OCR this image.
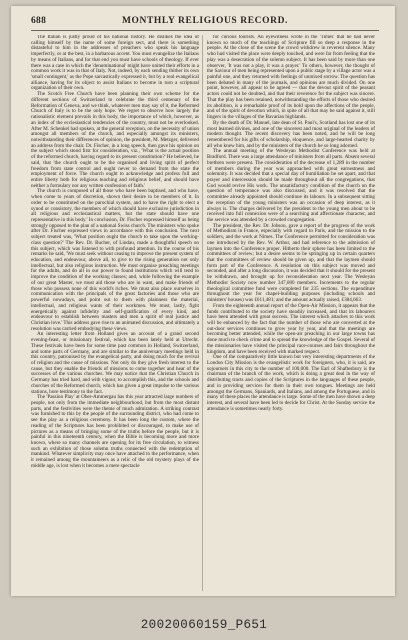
688	MONTHLY RELIGIOUS RECORD.

The Italian is justly proud of his national history. He dislikes the idea of calling himself by the name of some foreign sect, and there is something distasteful to him in the addresses of preachers who speak his language imperfectly, or at the best, in a barbarous accent. You must evangelize the Italians by means of Italians, and for that end you must have schools of theology. If ever there was a case in which the 'denominational' might have united their efforts in a common work it was in that of Italy. Not, indeed, by each sending thither its own 'small contingent,' as the Pope sarcastically expressed it, but by a real evangelical alliance, having for its object to assist Italians to become in turn a scriptural organization of their own.

The Scotch Free Church have been planning their own scheme for the different sections of Switzerland to celebrate the third centenary of the Reformation of Geneva, and we think, whatever men may say of it, the Reformed Church of Italy is to be the only hope. We regret to observe how largely the rationalistic element prevails in this body, the importance of which, however, as an index of the ecclesiastical tendencies of the country, must not be overlooked. After M. Schenkel had spoken, at the general reception, on the necessity of union amongst all members of the church, and especially amongst its ministers, notwithstanding their differences of opinion, the president, M. Metzger, delivered an address from the chair. Dr. Fischer, in a long speech, then gave his opinion on the subject which stood first for consideration, viz., 'What is the actual position of the reformed church, having regard to its present constitution?' He believed, he said, that 'the church ought to be the organised and living spirit of perfect freedom from state control and ought never to demand from the state the employment of force. The church ought to acknowledge and profess full and entire liberty both for religious teaching and religious belief, and should have neither a formulary nor any written confession of faith.'

The church is composed of all those who have been baptised, and who have, when come to years of discretion, shown their desire to be members of it. In order to be constituted on the parochial system, and to have the right to elect a synod or consistory, the members of which should have exclusive jurisdiction in all religious and ecclesiastical matters, but the state should have one representative in this body.' In conclusion, Dr. Fischer expressed himself as being strongly opposed to the plan of a national Swiss church. The ministers who spoke after Dr. Fischer expressed views in accordance with this conclusion. The next subject treated was, 'What position ought the church to take upon the working-class question?' The Rev. Dr. Bucher, of Lindau, made a thoughtful speech on this subject, which was listened to with profound attention. In the course of his remarks he said, 'We must seek without ceasing to improve the present system of education, and endeavour, above all, to give to the rising generation not only intellectual, but also religious instruction. We must organise preaching meetings for the adults, and do all in our power to found institutions which will tend to improve the condition of the working classes; and, while following the example of our great Master, we must aid those who are in want, and make friends of those who possess none of this world's riches. We must also place ourselves in communication with the principals of the great factories and those who are powerful nowadays, and point out to them with plainness the material, intellectual, and religious wants of their workmen. We must, lastly, fight energetically against infidelity and self-gratification of every kind, and endeavour to establish between masters and men a spirit of real justice and Christian love.' This address gave rise to an animated discussion, and ultimately a resolution was carried embodying these views.

An interesting letter from Holland gives an account of a grand second evening-feast, or missionary festival, which has been lately held at Utrecht. These festivals have been for some time past common in Holland, Switzerland, and some parts of Germany, and are similar to the anniversary meetings held in this country, patronised by the evangelical party, and doing much for the revival of religion and the cause of missions. Not only do they give fresh interest to the cause, but they enable the friends of missions to come together and hear of the successes of the various churches. We may notice that the Christian Church in Germany has tried hard, and with vigour, to accomplish this, and the schools and churches of the Reformed church, which has given a great impulse to the various stations, bore testimony to the fact.

The 'Passion Play' at Ober-Ammergau has this year attracted large numbers of people, not only from the immediate neighbourhood, but from the most distant parts, and the festivities were the theme of much admiration. A striking contrast was furnished to this by the people of the surrounding district, who had come to see the play as a religious ceremony. It has been long the custom, where the reading of the Scriptures has been prohibited or discouraged, to make use of pictures as a means of bringing some of the truths before the people, but it is painful in this nineteenth century, when the Bible is becoming more and more known, where so many channels are opening for its free circulation, to witness such an exhibition of those solemn truths connected with the redemption of mankind. Whatever simplicity may once have attached to the performance, when it remained among the mountaineers as a relic of the old mystery plays of the middle age, is lost when it becomes a mere spectacle

for curious tourists. An eyewitness wrote in the 'Times' that he had never known so much of the teachings of Scripture fill so deep a response in the people. At the close of the scene the crowd withdrew in reverent silence. Many who had visited the place were deeply touched, and were far from feeling that the play was a desecration of the solemn subject. It has been said by more than one observer, 'It was not a play, it was a prayer.' To others, however, the thought of the Saviour of men being represented upon a public stage by a village actor was a painful one, and they returned with feelings of unmixed sorrow. The question has been debated in many of the journals, and opinions are much divided. On one point, however, all appear to be agreed — that the devout spirit of the peasant actors could not be doubted, and that their reverence for the subject was sincere. That the play has been retained, notwithstanding the efforts of those who desired its abolition, is a remarkable proof of its hold upon the affections of the people, and of the spirit of devotion which, in spite of all that may be said against it, still lingers in the villages of the Bavarian highlands.

By the death of Dr. Manuel, late dean of St. Paul's, Scotland has lost one of its most learned divines, and one of the sincerest and most original of the leaders of modern thought. The recent discovery has been noted, and he will be long remembered for his gifts of scholarship, eloquence, and large-hearted charity by all who knew him, and by the ministers of the church he so long adorned.

The annual meeting of the Wesleyan Methodist Conference was held at Bradford. There was a large attendance of ministers from all parts. Absent several brethren were present. The consideration of the decrease of 1,289 in the number of members during the year was approached with great earnestness and solemnity. It was decided that a special day of humiliation be set apart, and that prayer and intercession should be made throughout all the congregations, that God would revive His work. The unsatisfactory condition of the church on the question of temperance was also discussed, and it was resolved that the committee already appointed should continue its labours. In a subsequent sitting the reception of the young ministers was an occasion of deep interest, as it always is. The charges delivered by the president to the young men about to be received into full connexion were of a searching and affectionate character, and the service was attended by a crowded congregation.

The president, the Rev. Dr. Jobson, gave a report of the progress of the work of Methodism in France, especially with regard to Paris, and the mission to the soldiers, and the work at Nimes. The Conference permitted for consideration was one introduced by the Rev. W. Arthur, and had reference to the admission of laymen into the Conference proper. Hitherto their sphere has been limited to the committees of review; but a desire seems to be springing up in certain quarters that the committees of review should be given up, and that the laymen should form part of the Conference. A resolution on this subject was moved and seconded, and after a long discussion, it was decided that it should for the present be withdrawn, and brought up for reconsideration next year. The Wesleyan Methodist Society now number 347,000 members. Increments to the regular theological committee fund were completed for 235 sections. The expenditure throughout the year for chapel-building purposes (including schools and ministers' houses) was £611,481; and the amount actually raised, £384,663.

From the eighteenth annual report of the Open-Air Mission, it appears that the funds contributed to the society have steadily increased, and that its labourers have been attended with great success. The interest which attaches to this work will be enhanced by the fact that the number of those who are converted at the out-door services continues to grow year by year, and that the meetings are becoming better attended, while the open-air preaching in our large towns has done much to check crime and to spread the knowledge of the Gospel. Several of the missionaries have visited the principal race-courses and fairs throughout the kingdom, and have been received with marked respect.

One of the comparatively little known but very interesting departments of the London City Mission is the evangelistic work for foreigners, who, it is said, are sojourners in this city to the number of 100,000. The Earl of Shaftesbury is the chairman of the branch of the work, which is doing a great deal in the way of distributing tracts and copies of the Scriptures in the languages of these people, and in providing services for them in their own tongues. Meetings are held amongst the Germans, Spaniards, and Italians, and among the Portuguese, and in many of these places the attendance is large. Some of the men have shown a deep interest, and several have been led to decide for Christ. At the Sunday service the attendance is sometimes nearly forty.

20020060159_P651
